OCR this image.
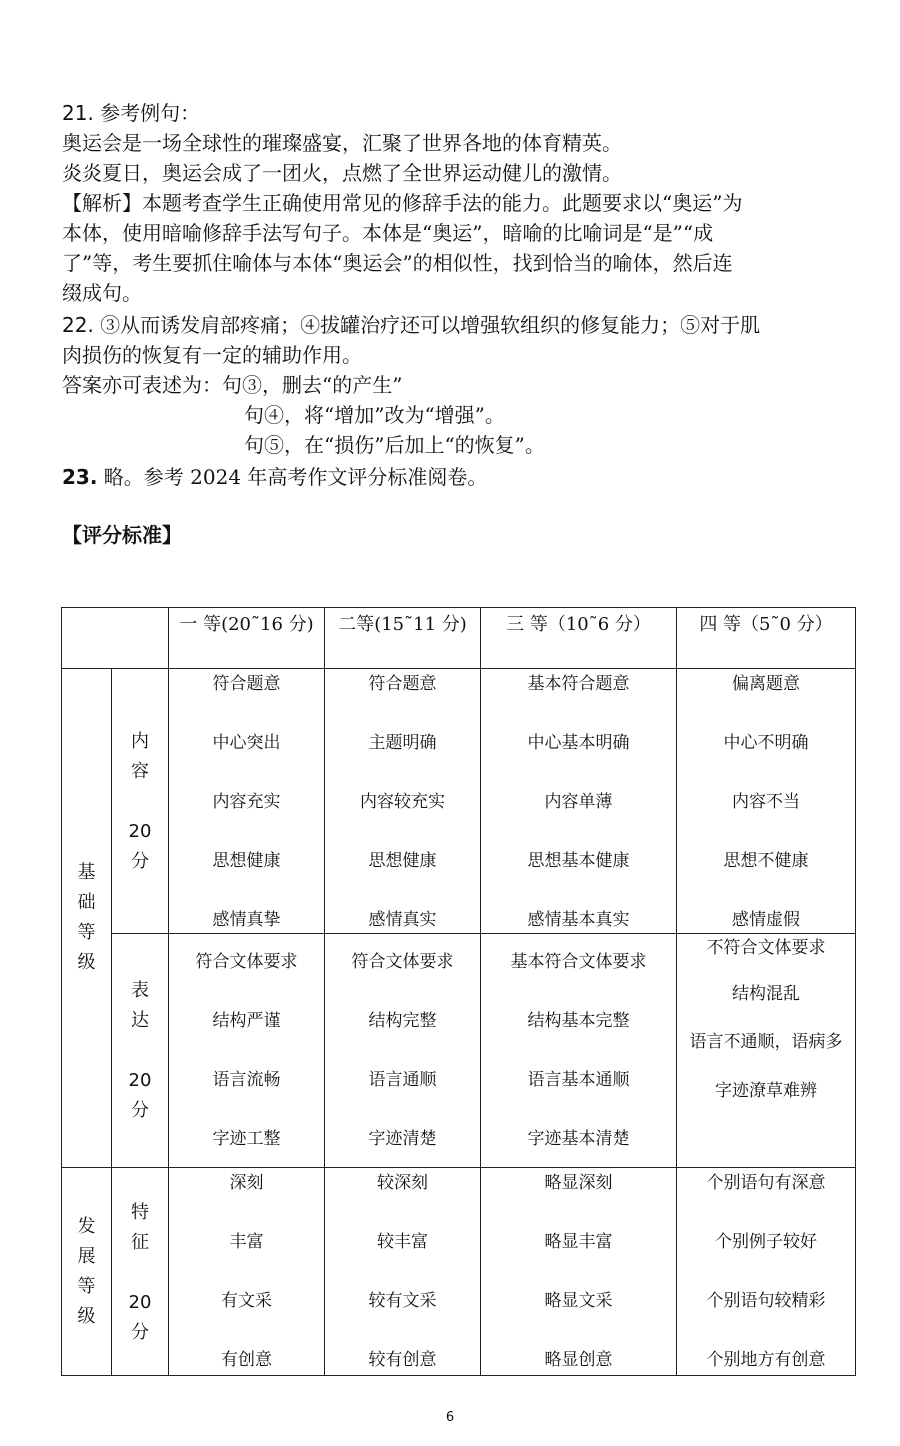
21. 参考例句：
奥运会是一场全球性的璀璨盛宴，汇聚了世界各地的体育精英。
炎炎夏日，奥运会成了一团火，点燃了全世界运动健儿的激情。
【解析】本题考查学生正确使用常见的修辞手法的能力。此题要求以“奥运”为
本体，使用暗喻修辞手法写句子。本体是“奥运”，暗喻的比喻词是“是”“成
了”等，考生要抓住喻体与本体“奥运会”的相似性，找到恰当的喻体，然后连
缀成句。
22. ③从而诱发肩部疼痛；④拔罐治疗还可以增强软组织的修复能力；⑤对于肌
肉损伤的恢复有一定的辅助作用。
答案亦可表述为：句③，删去“的产生”
句④，将“增加”改为“增强”。
句⑤，在“损伤”后加上“的恢复”。
23. 略。参考 2024 年高考作文评分标准阅卷。
【评分标准】
		一 等(20˜16 分)	二等(15˜11 分)	三 等（10˜6 分）	四 等（5˜0 分）

基
础
等
级	内
容
20
分	符合题意
中心突出
内容充实
思想健康
感情真挚	符合题意
主题明确
内容较充实
思想健康
感情真实	基本符合题意
中心基本明确
内容单薄
思想基本健康
感情基本真实	偏离题意
中心不明确
内容不当
思想不健康
感情虚假

	表
达
20
分	符合文体要求
结构严谨
语言流畅
字迹工整	符合文体要求
结构完整
语言通顺
字迹清楚	基本符合文体要求
结构基本完整
语言基本通顺
字迹基本清楚	不符合文体要求
结构混乱
语言不通顺，语病多
字迹潦草难辨

发
展
等
级	特
征
20
分	深刻
丰富
有文采
有创意	较深刻
较丰富
较有文采
较有创意	略显深刻
略显丰富
略显文采
略显创意	个别语句有深意
个别例子较好
个别语句较精彩
个别地方有创意
6
